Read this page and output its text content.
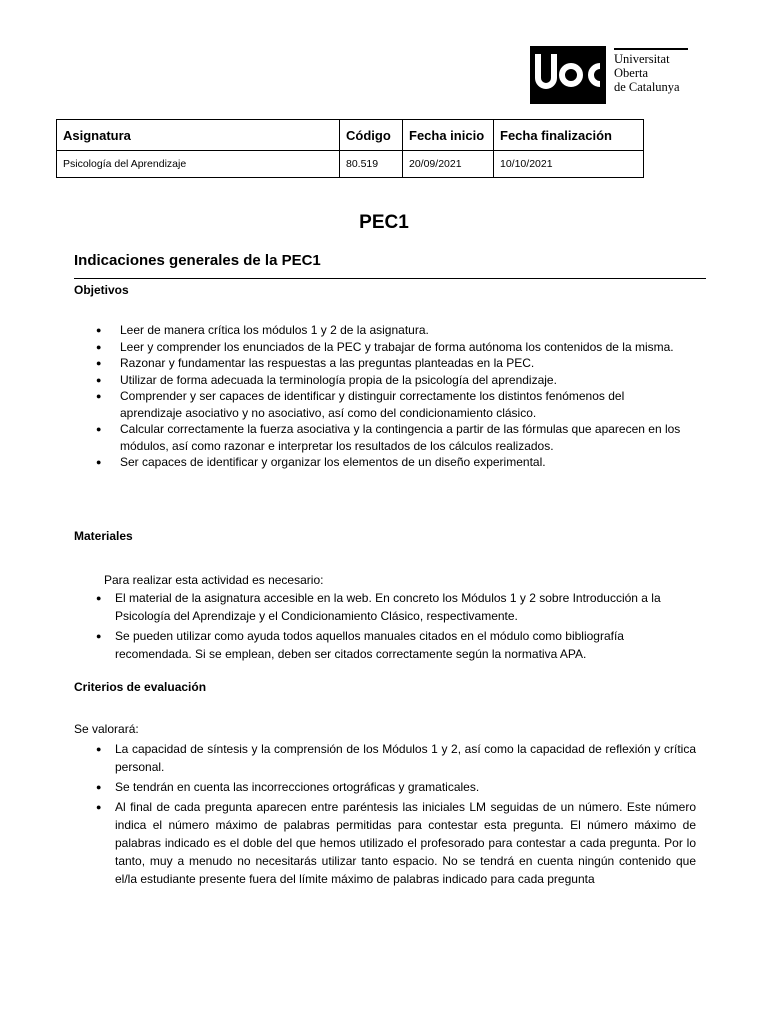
Universitat
Oberta
de Catalunya
Asignatura	Código	Fecha inicio	Fecha finalización
Psicología del Aprendizaje	80.519	20/09/2021	10/10/2021
PEC1
Indicaciones generales de la PEC1
Objetivos
● Leer de manera crítica los módulos 1 y 2 de la asignatura.
● Leer y comprender los enunciados de la PEC y trabajar de forma autónoma los contenidos de la misma.
● Razonar y fundamentar las respuestas a las preguntas planteadas en la PEC.
● Utilizar de forma adecuada la terminología propia de la psicología del aprendizaje.
● Comprender y ser capaces de identificar y distinguir correctamente los distintos fenómenos del aprendizaje asociativo y no asociativo, así como del condicionamiento clásico.
● Calcular correctamente la fuerza asociativa y la contingencia a partir de las fórmulas que aparecen en los módulos, así como razonar e interpretar los resultados de los cálculos realizados.
● Ser capaces de identificar y organizar los elementos de un diseño experimental.
Materiales
Para realizar esta actividad es necesario:
● El material de la asignatura accesible en la web. En concreto los Módulos 1 y 2 sobre Introducción a la Psicología del Aprendizaje y el Condicionamiento Clásico, respectivamente.
● Se pueden utilizar como ayuda todos aquellos manuales citados en el módulo como bibliografía recomendada. Si se emplean, deben ser citados correctamente según la normativa APA.
Criterios de evaluación
Se valorará:
● La capacidad de síntesis y la comprensión de los Módulos 1 y 2, así como la capacidad de reflexión y crítica personal.
● Se tendrán en cuenta las incorrecciones ortográficas y gramaticales.
● Al final de cada pregunta aparecen entre paréntesis las iniciales LM seguidas de un número. Este número indica el número máximo de palabras permitidas para contestar esta pregunta. El número máximo de palabras indicado es el doble del que hemos utilizado el profesorado para contestar a cada pregunta. Por lo tanto, muy a menudo no necesitarás utilizar tanto espacio. No se tendrá en cuenta ningún contenido que el/la estudiante presente fuera del límite máximo de palabras indicado para cada pregunta
